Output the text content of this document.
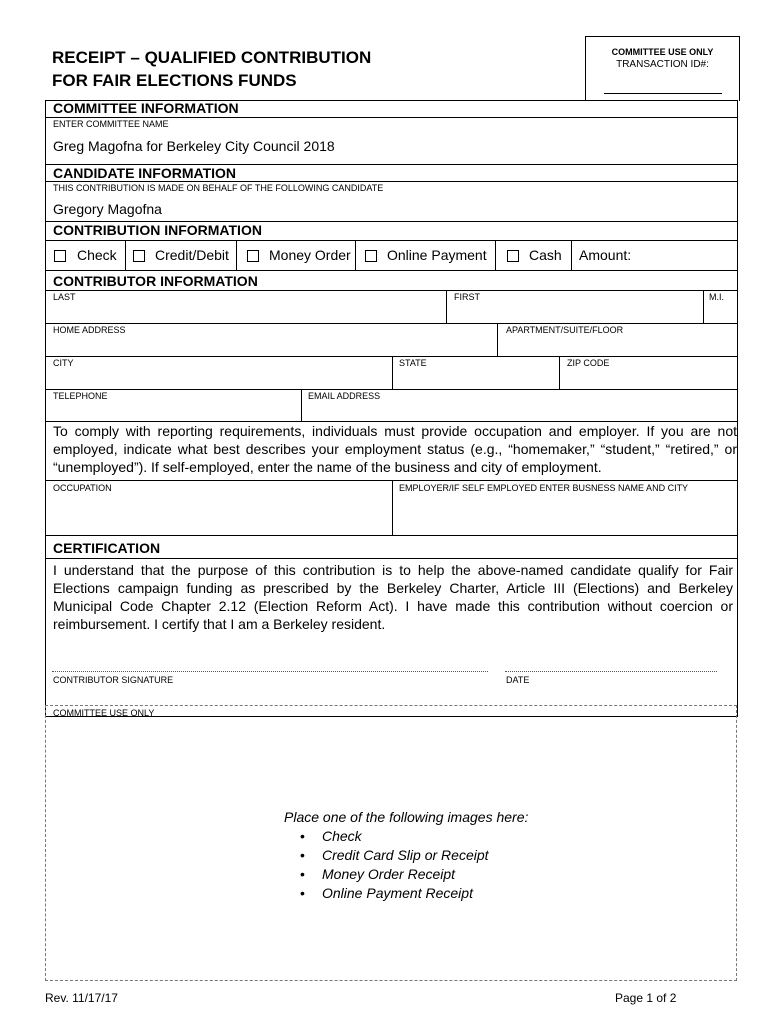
RECEIPT – QUALIFIED CONTRIBUTION
FOR FAIR ELECTIONS FUNDS
COMMITTEE USE ONLY
TRANSACTION ID#:
COMMITTEE INFORMATION
ENTER COMMITTEE NAME
Greg Magofna for Berkeley City Council 2018
CANDIDATE INFORMATION
THIS CONTRIBUTION IS MADE ON BEHALF OF THE FOLLOWING CANDIDATE
Gregory Magofna
CONTRIBUTION INFORMATION
Check	Credit/Debit	Money Order	Online Payment	Cash Amount:
CONTRIBUTOR INFORMATION
LAST	FIRST	M.I.
HOME ADDRESS	APARTMENT/SUITE/FLOOR
CITY	STATE	ZIP CODE
TELEPHONE	EMAIL ADDRESS
To comply with reporting requirements, individuals must provide occupation and employer. If you are not employed, indicate what best describes your employment status (e.g., “homemaker,” “student,” “retired,” or “unemployed”). If self-employed, enter the name of the business and city of employment.
OCCUPATION	EMPLOYER/IF SELF EMPLOYED ENTER BUSNESS NAME AND CITY
CERTIFICATION
I understand that the purpose of this contribution is to help the above-named candidate qualify for Fair Elections campaign funding as prescribed by the Berkeley Charter, Article III (Elections) and Berkeley Municipal Code Chapter 2.12 (Election Reform Act). I have made this contribution without coercion or reimbursement. I certify that I am a Berkeley resident.
CONTRIBUTOR SIGNATURE	DATE
COMMITTEE USE ONLY
Place one of the following images here:
• Check
• Credit Card Slip or Receipt
• Money Order Receipt
• Online Payment Receipt
Rev. 11/17/17	Page 1 of 2
